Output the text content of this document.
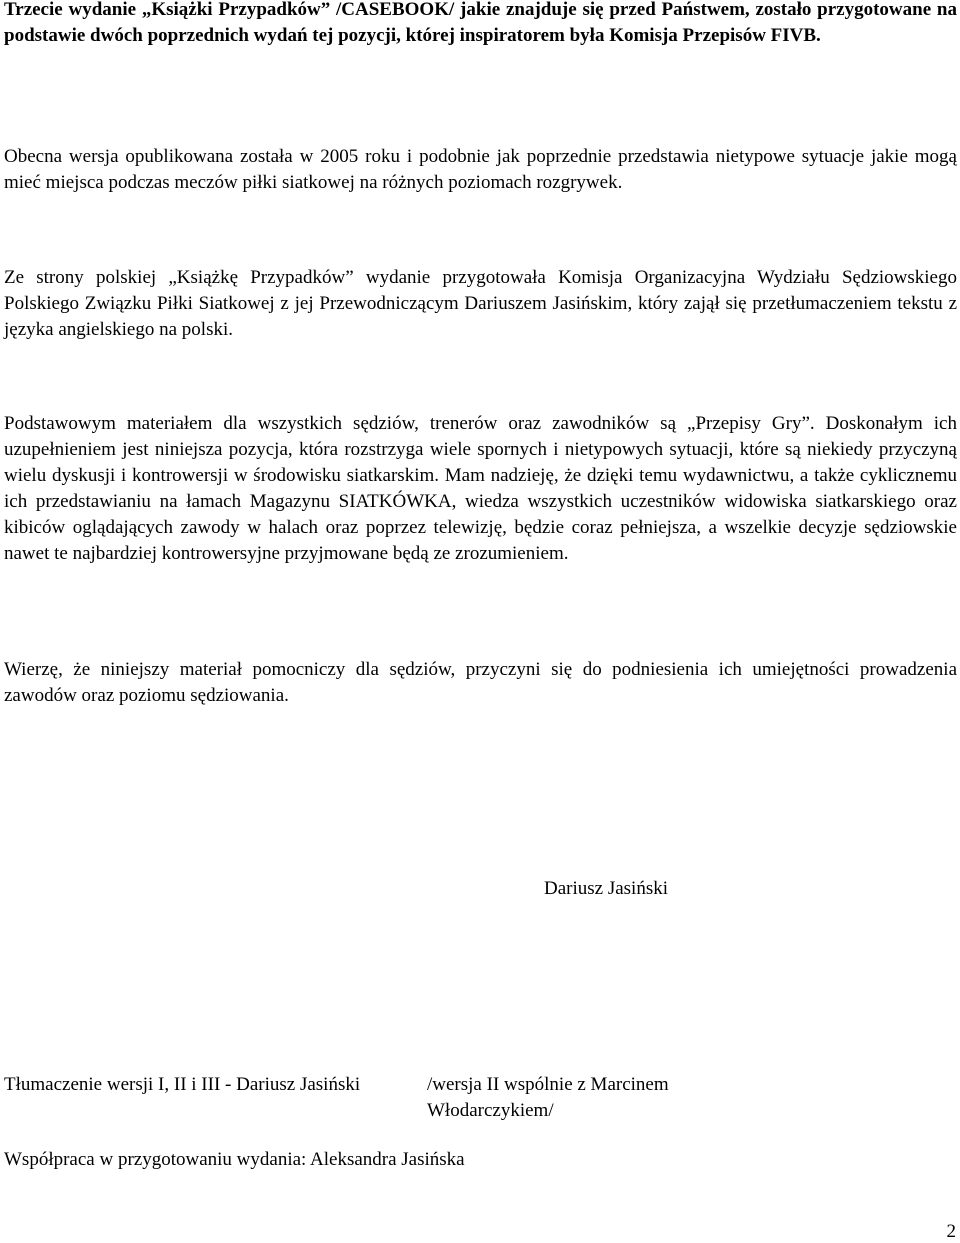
Trzecie wydanie „Książki Przypadków” /CASEBOOK/ jakie znajduje się przed Państwem, zostało przygotowane na podstawie dwóch poprzednich wydań tej pozycji, której inspiratorem była Komisja Przepisów FIVB.

Obecna wersja opublikowana została w 2005 roku i podobnie jak poprzednie przedstawia nietypowe sytuacje jakie mogą mieć miejsca podczas meczów piłki siatkowej na różnych poziomach rozgrywek.

Ze strony polskiej „Książkę Przypadków” wydanie przygotowała Komisja Organizacyjna Wydziału Sędziowskiego Polskiego Związku Piłki Siatkowej z jej Przewodniczącym Dariuszem Jasińskim, który zajął się przetłumaczeniem tekstu z języka angielskiego na polski.

Podstawowym materiałem dla wszystkich sędziów, trenerów oraz zawodników są „Przepisy Gry”. Doskonałym ich uzupełnieniem jest niniejsza pozycja, która rozstrzyga wiele spornych i nietypowych sytuacji, które są niekiedy przyczyną wielu dyskusji i kontrowersji w środowisku siatkarskim. Mam nadzieję, że dzięki temu wydawnictwu, a także cyklicznemu ich przedstawianiu na łamach Magazynu SIATKÓWKA, wiedza wszystkich uczestników widowiska siatkarskiego oraz kibiców oglądających zawody w halach oraz poprzez telewizję, będzie coraz pełniejsza, a wszelkie decyzje sędziowskie nawet te najbardziej kontrowersyjne przyjmowane będą ze zrozumieniem.

Wierzę, że niniejszy materiał pomocniczy dla sędziów, przyczyni się do podniesienia ich umiejętności prowadzenia zawodów oraz poziomu sędziowania.

Dariusz Jasiński

Tłumaczenie wersji I, II i III - Dariusz Jasiński	/wersja II wspólnie z Marcinem Włodarczykiem/

Współpraca w przygotowaniu wydania: Aleksandra Jasińska

2
